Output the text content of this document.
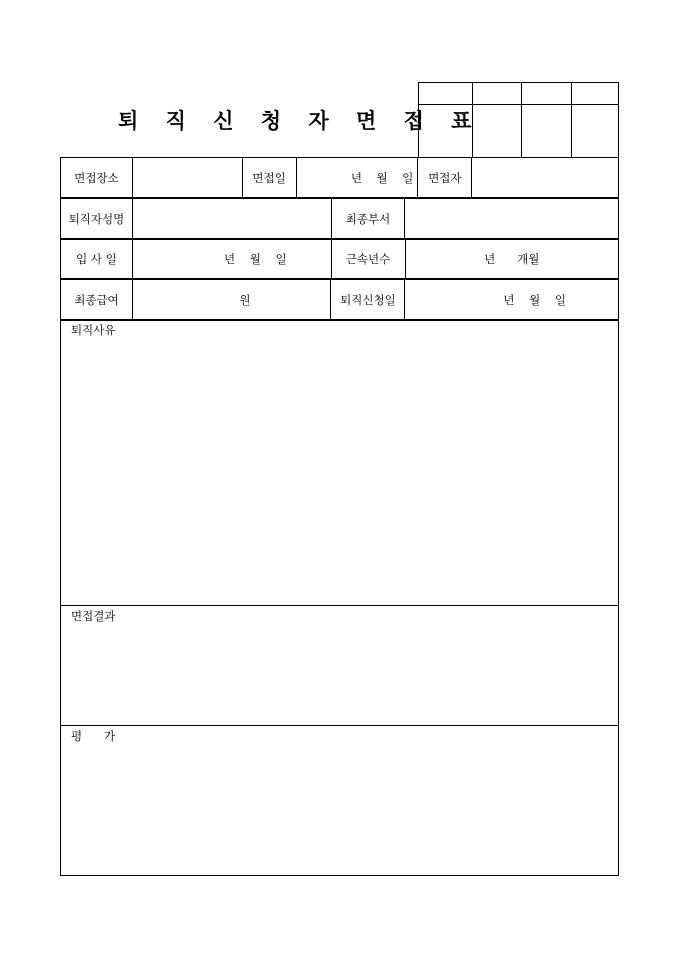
퇴 직 신 청 자 면 접 표

면접장소		면접일	년    월    일	면접자	
퇴직자성명		최종부서	
입 사 일	년    월    일	근속년수	년      개월
최종급여	원	퇴직신청일	년    월    일
퇴직사유
면접결과
평      가
